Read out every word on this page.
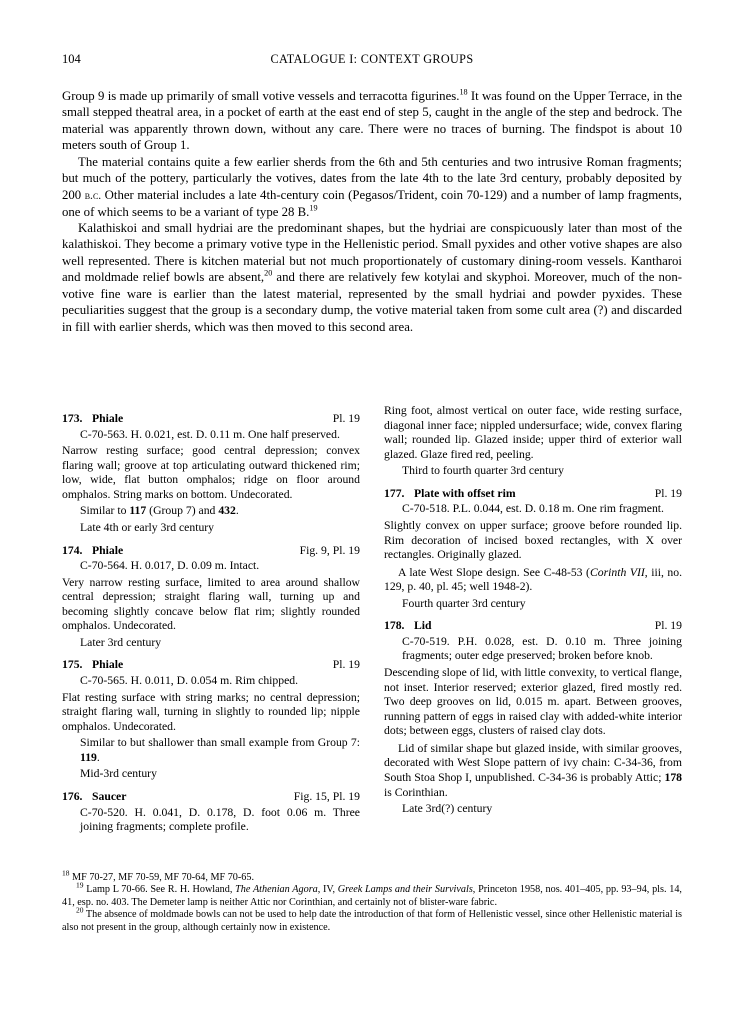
104	CATALOGUE I: CONTEXT GROUPS

Group 9 is made up primarily of small votive vessels and terracotta figurines.$^{18}$ It was found on the Upper Terrace, in the small stepped theatral area, in a pocket of earth at the east end of step 5, caught in the angle of the step and bedrock. The material was apparently thrown down, without any care. There were no traces of burning. The findspot is about 10 meters south of Group 1.

The material contains quite a few earlier sherds from the 6th and 5th centuries and two intrusive Roman fragments; but much of the pottery, particularly the votives, dates from the late 4th to the late 3rd century, probably deposited by 200 b.c. Other material includes a late 4th-century coin (Pegasos/Trident, coin 70-129) and a number of lamp fragments, one of which seems to be a variant of type 28 B.$^{19}$

Kalathiskoi and small hydriai are the predominant shapes, but the hydriai are conspicuously later than most of the kalathiskoi. They become a primary votive type in the Hellenistic period. Small pyxides and other votive shapes are also well represented. There is kitchen material but not much proportionately of customary dining-room vessels. Kantharoi and moldmade relief bowls are absent,$^{20}$ and there are relatively few kotylai and skyphoi. Moreover, much of the non-votive fine ware is earlier than the latest material, represented by the small hydriai and powder pyxides. These peculiarities suggest that the group is a secondary dump, the votive material taken from some cult area (?) and discarded in fill with earlier sherds, which was then moved to this second area.

173. Phiale	Pl. 19

C-70-563. H. 0.021, est. D. 0.11 m. One half preserved.

Narrow resting surface; good central depression; convex flaring wall; groove at top articulating outward thickened rim; low, wide, flat button omphalos; ridge on floor around omphalos. String marks on bottom. Undecorated.

Similar to 117 (Group 7) and 432.

Late 4th or early 3rd century

174. Phiale	Fig. 9, Pl. 19

C-70-564. H. 0.017, D. 0.09 m. Intact.

Very narrow resting surface, limited to area around shallow central depression; straight flaring wall, turning up and becoming slightly concave below flat rim; slightly rounded omphalos. Undecorated.

Later 3rd century

175. Phiale	Pl. 19

C-70-565. H. 0.011, D. 0.054 m. Rim chipped.

Flat resting surface with string marks; no central depression; straight flaring wall, turning in slightly to rounded lip; nipple omphalos. Undecorated.

Similar to but shallower than small example from Group 7: 119.

Mid-3rd century

176. Saucer	Fig. 15, Pl. 19

C-70-520. H. 0.041, D. 0.178, D. foot 0.06 m. Three joining fragments; complete profile.

Ring foot, almost vertical on outer face, wide resting surface, diagonal inner face; nippled undersurface; wide, convex flaring wall; rounded lip. Glazed inside; upper third of exterior wall glazed. Glaze fired red, peeling.

Third to fourth quarter 3rd century

177. Plate with offset rim	Pl. 19

C-70-518. P.L. 0.044, est. D. 0.18 m. One rim fragment.

Slightly convex on upper surface; groove before rounded lip. Rim decoration of incised boxed rectangles, with X over rectangles. Originally glazed.

A late West Slope design. See C-48-53 (Corinth VII, iii, no. 129, p. 40, pl. 45; well 1948-2).

Fourth quarter 3rd century

178. Lid	Pl. 19

C-70-519. P.H. 0.028, est. D. 0.10 m. Three joining fragments; outer edge preserved; broken before knob.

Descending slope of lid, with little convexity, to vertical flange, not inset. Interior reserved; exterior glazed, fired mostly red. Two deep grooves on lid, 0.015 m. apart. Between grooves, running pattern of eggs in raised clay with added-white interior dots; between eggs, clusters of raised clay dots.

Lid of similar shape but glazed inside, with similar grooves, decorated with West Slope pattern of ivy chain: C-34-36, from South Stoa Shop I, unpublished. C-34-36 is probably Attic; 178 is Corinthian.

Late 3rd(?) century

$^{18}$ MF 70-27, MF 70-59, MF 70-64, MF 70-65.

$^{19}$ Lamp L 70-66. See R. H. Howland, The Athenian Agora, IV, Greek Lamps and their Survivals, Princeton 1958, nos. 401–405, pp. 93–94, pls. 14, 41, esp. no. 403. The Demeter lamp is neither Attic nor Corinthian, and certainly not of blister-ware fabric.

$^{20}$ The absence of moldmade bowls can not be used to help date the introduction of that form of Hellenistic vessel, since other Hellenistic material is also not present in the group, although certainly now in existence.
